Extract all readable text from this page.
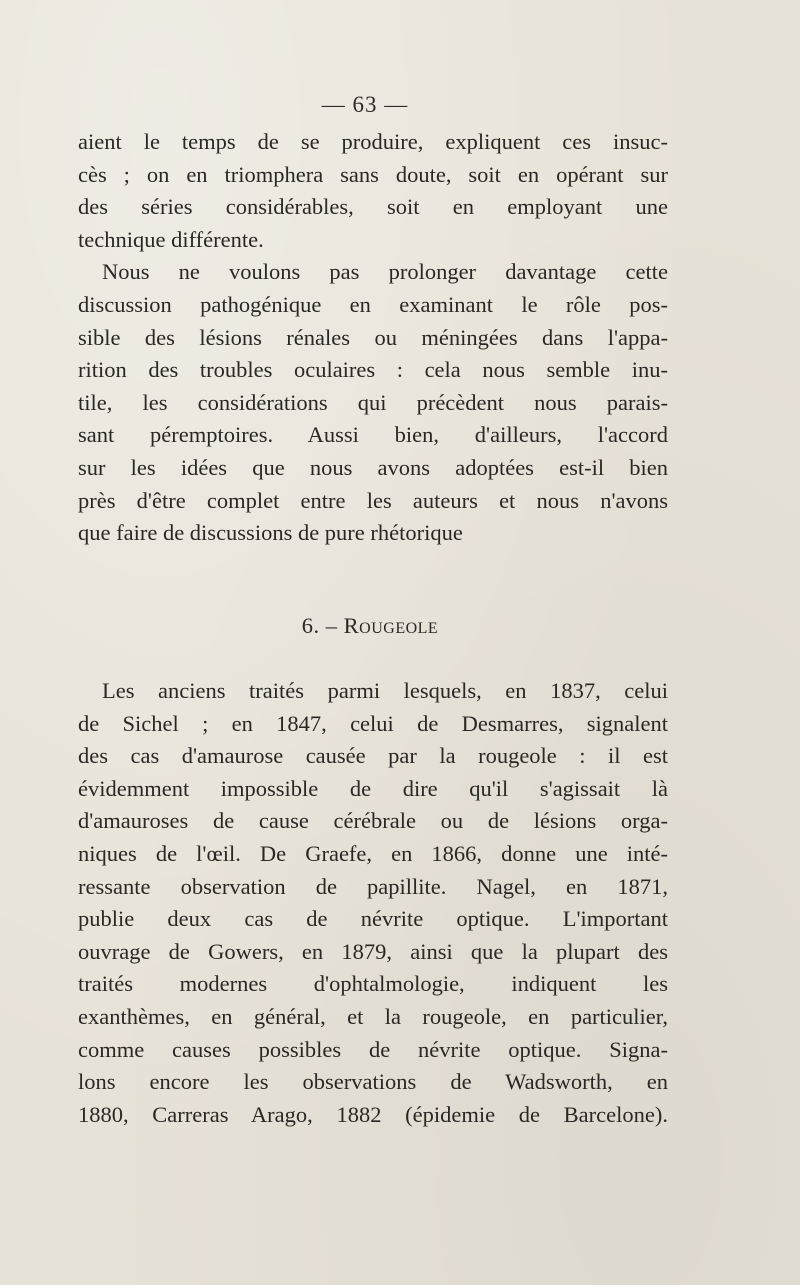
— 63 —

aient le temps de se produire, expliquent ces insuc-
cès ; on en triomphera sans doute, soit en opérant sur
des séries considérables, soit en employant une
technique différente.

Nous ne voulons pas prolonger davantage cette
discussion pathogénique en examinant le rôle pos-
sible des lésions rénales ou méningées dans l'appa-
rition des troubles oculaires : cela nous semble inu-
tile, les considérations qui précèdent nous parais-
sant péremptoires. Aussi bien, d'ailleurs, l'accord
sur les idées que nous avons adoptées est-il bien
près d'être complet entre les auteurs et nous n'avons
que faire de discussions de pure rhétorique

6. – Rougeole

Les anciens traités parmi lesquels, en 1837, celui
de Sichel ; en 1847, celui de Desmarres, signalent
des cas d'amaurose causée par la rougeole : il est
évidemment impossible de dire qu'il s'agissait là
d'amauroses de cause cérébrale ou de lésions orga-
niques de l'œil. De Graefe, en 1866, donne une inté-
ressante observation de papillite. Nagel, en 1871,
publie deux cas de névrite optique. L'important
ouvrage de Gowers, en 1879, ainsi que la plupart des
traités modernes d'ophtalmologie, indiquent les
exanthèmes, en général, et la rougeole, en particulier,
comme causes possibles de névrite optique. Signa-
lons encore les observations de Wadsworth, en
1880, Carreras Arago, 1882 (épidemie de Barcelone).
